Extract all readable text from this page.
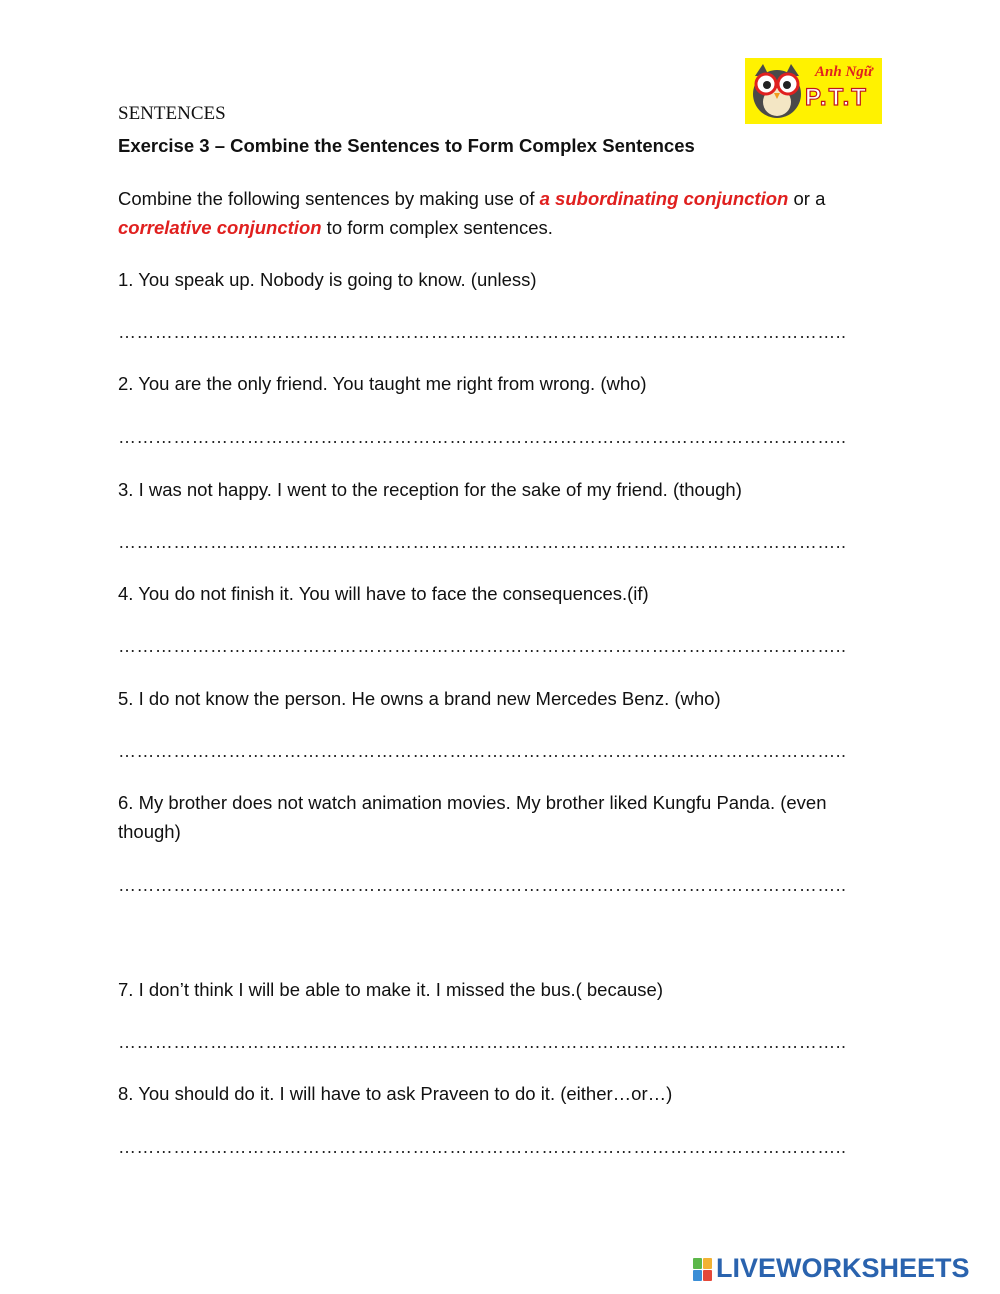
Anh Ngữ
P.T.T
SENTENCES
Exercise 3 – Combine the Sentences to Form Complex Sentences
Combine the following sentences by making use of a subordinating conjunction or a correlative conjunction to form complex sentences.
1. You speak up. Nobody is going to know. (unless)
………………………………………………………………………………………………………..
2. You are the only friend. You taught me right from wrong. (who)
………………………………………………………………………………………………………..
3. I was not happy. I went to the reception for the sake of my friend. (though)
………………………………………………………………………………………………………..
4. You do not finish it. You will have to face the consequences.(if)
………………………………………………………………………………………………………..
5. I do not know the person. He owns a brand new Mercedes Benz. (who)
………………………………………………………………………………………………………..
6. My brother does not watch animation movies. My brother liked Kungfu Panda. (even though)
………………………………………………………………………………………………………..
7. I don’t think I will be able to make it. I missed the bus.( because)
………………………………………………………………………………………………………..
8. You should do it. I will have to ask Praveen to do it. (either…or…)
………………………………………………………………………………………………………..
LIVEWORKSHEETS
